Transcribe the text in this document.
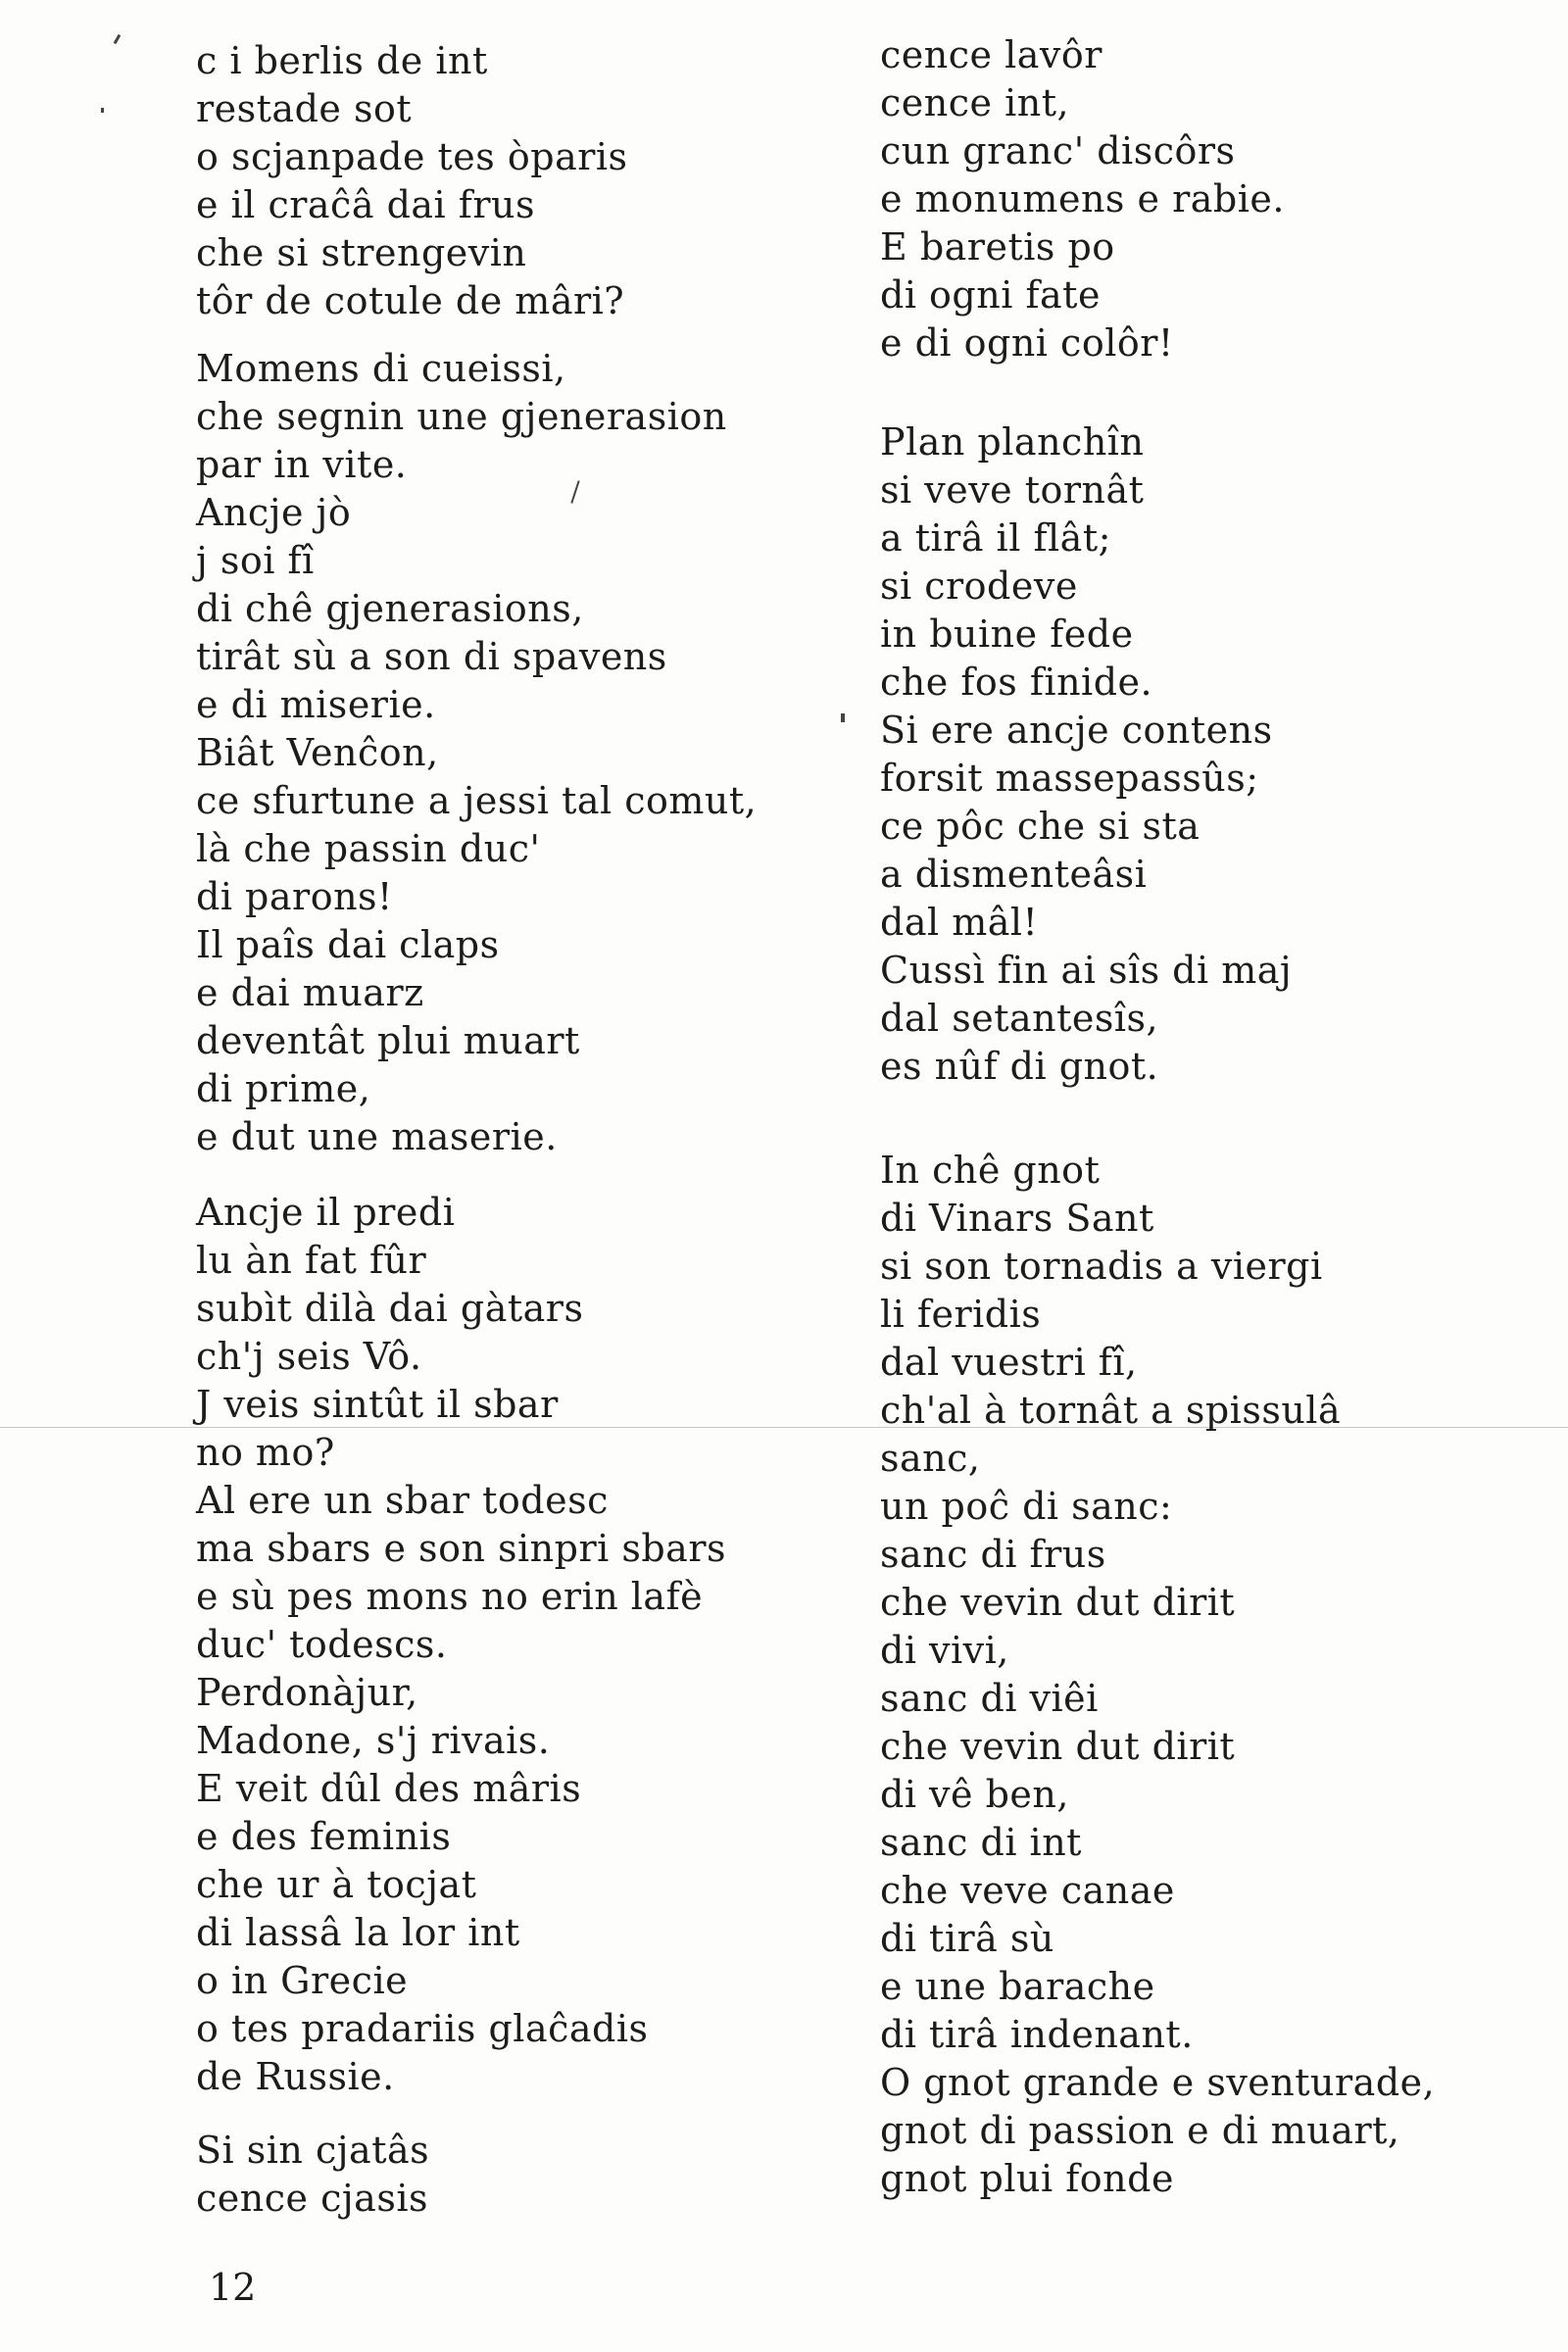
c i berlis de int
restade sot
o scjanpade tes òparis
e il craĉâ dai frus
che si strengevin
tôr de cotule de mâri?
Momens di cueissi,
che segnin une gjenerasion
par in vite.
Ancje jò
j soi fî
di chê gjenerasions,
tirât sù a son di spavens
e di miserie.
Biât Venĉon,
ce sfurtune a jessi tal comut,
là che passin duc'
di parons!
Il paîs dai claps
e dai muarz
deventât plui muart
di prime,
e dut une maserie.
Ancje il predi
lu àn fat fûr
subìt dilà dai gàtars
ch'j seis Vô.
J veis sintût il sbar
no mo?
Al ere un sbar todesc
ma sbars e son sinpri sbars
e sù pes mons no erin lafè
duc' todescs.
Perdonàjur,
Madone, s'j rivais.
E veit dûl des mâris
e des feminis
che ur à tocjat
di lassâ la lor int
o in Grecie
o tes pradariis glaĉadis
de Russie.
Si sin cjatâs
cence cjasis
cence lavôr
cence int,
cun granc' discôrs
e monumens e rabie.
E baretis po
di ogni fate
e di ogni colôr!
Plan planchîn
si veve tornât
a tirâ il flât;
si crodeve
in buine fede
che fos finide.
Si ere ancje contens
forsit massepassûs;
ce pôc che si sta
a dismenteâsi
dal mâl!
Cussì fin ai sîs di maj
dal setantesîs,
es nûf di gnot.
In chê gnot
di Vinars Sant
si son tornadis a viergi
li feridis
dal vuestri fî,
ch'al à tornât a spissulâ
sanc,
un poĉ di sanc:
sanc di frus
che vevin dut dirit
di vivi,
sanc di viêi
che vevin dut dirit
di vê ben,
sanc di int
che veve canae
di tirâ sù
e une barache
di tirâ indenant.
O gnot grande e sventurade,
gnot di passion e di muart,
gnot plui fonde
12
